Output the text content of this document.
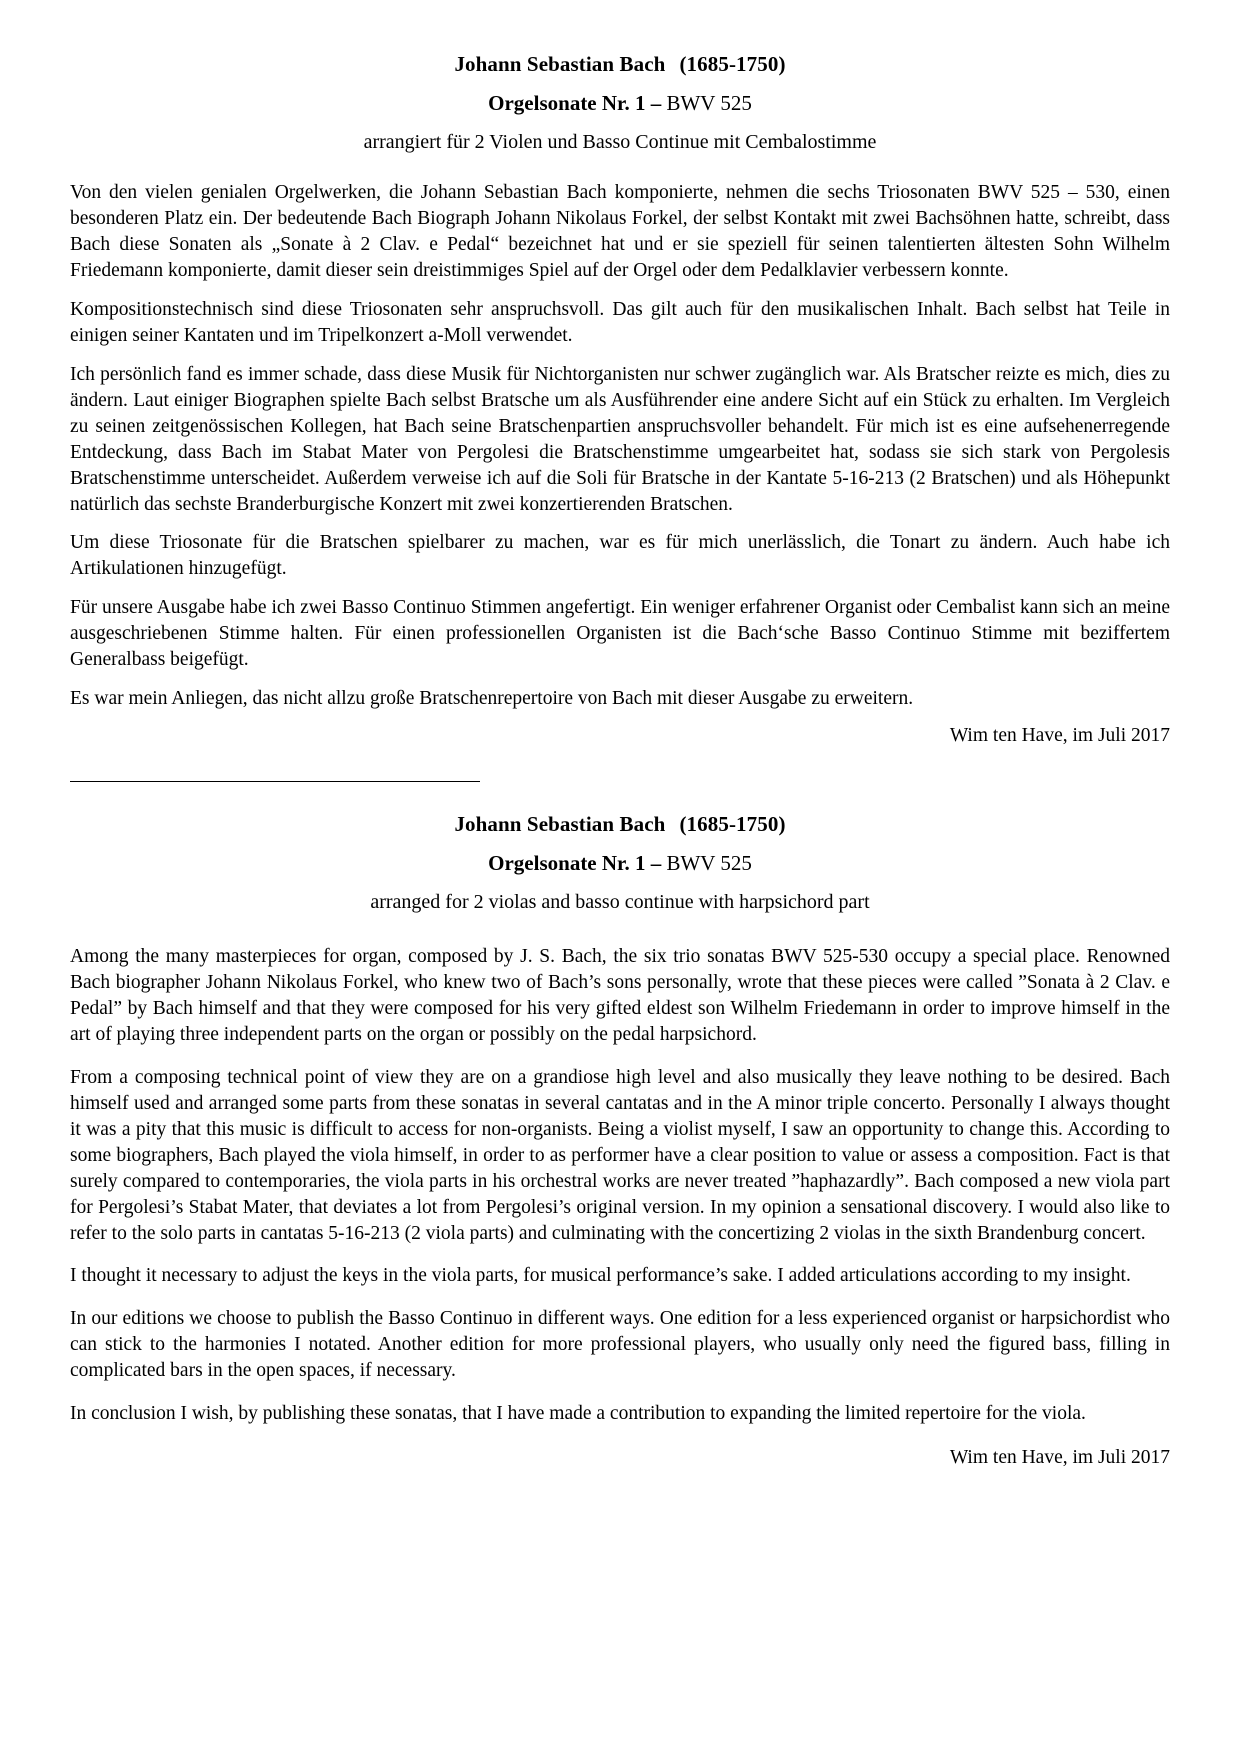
Johann Sebastian Bach (1685-1750)
Orgelsonate Nr. 1 – BWV 525
arrangiert für 2 Violen und Basso Continue mit Cembalostimme

Von den vielen genialen Orgelwerken, die Johann Sebastian Bach komponierte, nehmen die sechs Triosonaten BWV 525 – 530, einen besonderen Platz ein. Der bedeutende Bach Biograph Johann Nikolaus Forkel, der selbst Kontakt mit zwei Bachsöhnen hatte, schreibt, dass Bach diese Sonaten als „Sonate à 2 Clav. e Pedal“ bezeichnet hat und er sie speziell für seinen talentierten ältesten Sohn Wilhelm Friedemann komponierte, damit dieser sein dreistimmiges Spiel auf der Orgel oder dem Pedalklavier verbessern konnte.

Kompositionstechnisch sind diese Triosonaten sehr anspruchsvoll. Das gilt auch für den musikalischen Inhalt. Bach selbst hat Teile in einigen seiner Kantaten und im Tripelkonzert a-Moll verwendet.

Ich persönlich fand es immer schade, dass diese Musik für Nichtorganisten nur schwer zugänglich war. Als Bratscher reizte es mich, dies zu ändern. Laut einiger Biographen spielte Bach selbst Bratsche um als Ausführender eine andere Sicht auf ein Stück zu erhalten. Im Vergleich zu seinen zeitgenössischen Kollegen, hat Bach seine Bratschenpartien anspruchsvoller behandelt. Für mich ist es eine aufsehenerregende Entdeckung, dass Bach im Stabat Mater von Pergolesi die Bratschenstimme umgearbeitet hat, sodass sie sich stark von Pergolesis Bratschenstimme unterscheidet. Außerdem verweise ich auf die Soli für Bratsche in der Kantate 5-16-213 (2 Bratschen) und als Höhepunkt natürlich das sechste Branderburgische Konzert mit zwei konzertierenden Bratschen.

Um diese Triosonate für die Bratschen spielbarer zu machen, war es für mich unerlässlich, die Tonart zu ändern. Auch habe ich Artikulationen hinzugefügt.

Für unsere Ausgabe habe ich zwei Basso Continuo Stimmen angefertigt. Ein weniger erfahrener Organist oder Cembalist kann sich an meine ausgeschriebenen Stimme halten. Für einen professionellen Organisten ist die Bach‘sche Basso Continuo Stimme mit beziffertem Generalbass beigefügt.

Es war mein Anliegen, das nicht allzu große Bratschenrepertoire von Bach mit dieser Ausgabe zu erweitern.

Wim ten Have, im Juli 2017
Johann Sebastian Bach (1685-1750)
Orgelsonate Nr. 1 – BWV 525
arranged for 2 violas and basso continue with harpsichord part

Among the many masterpieces for organ, composed by J. S. Bach, the six trio sonatas BWV 525-530 occupy a special place. Renowned Bach biographer Johann Nikolaus Forkel, who knew two of Bach’s sons personally, wrote that these pieces were called ”Sonata à 2 Clav. e Pedal” by Bach himself and that they were composed for his very gifted eldest son Wilhelm Friedemann in order to improve himself in the art of playing three independent parts on the organ or possibly on the pedal harpsichord.

From a composing technical point of view they are on a grandiose high level and also musically they leave nothing to be desired. Bach himself used and arranged some parts from these sonatas in several cantatas and in the A minor triple concerto. Personally I always thought it was a pity that this music is difficult to access for non-organists. Being a violist myself, I saw an opportunity to change this. According to some biographers, Bach played the viola himself, in order to as performer have a clear position to value or assess a composition. Fact is that surely compared to contemporaries, the viola parts in his orchestral works are never treated ”haphazardly”. Bach composed a new viola part for Pergolesi’s Stabat Mater, that deviates a lot from Pergolesi’s original version. In my opinion a sensational discovery. I would also like to refer to the solo parts in cantatas 5-16-213 (2 viola parts) and culminating with the concertizing 2 violas in the sixth Brandenburg concert.

I thought it necessary to adjust the keys in the viola parts, for musical performance’s sake. I added articulations according to my insight.

In our editions we choose to publish the Basso Continuo in different ways. One edition for a less experienced organist or harpsichordist who can stick to the harmonies I notated. Another edition for more professional players, who usually only need the figured bass, filling in complicated bars in the open spaces, if necessary.

In conclusion I wish, by publishing these sonatas, that I have made a contribution to expanding the limited repertoire for the viola.

Wim ten Have, im Juli 2017
